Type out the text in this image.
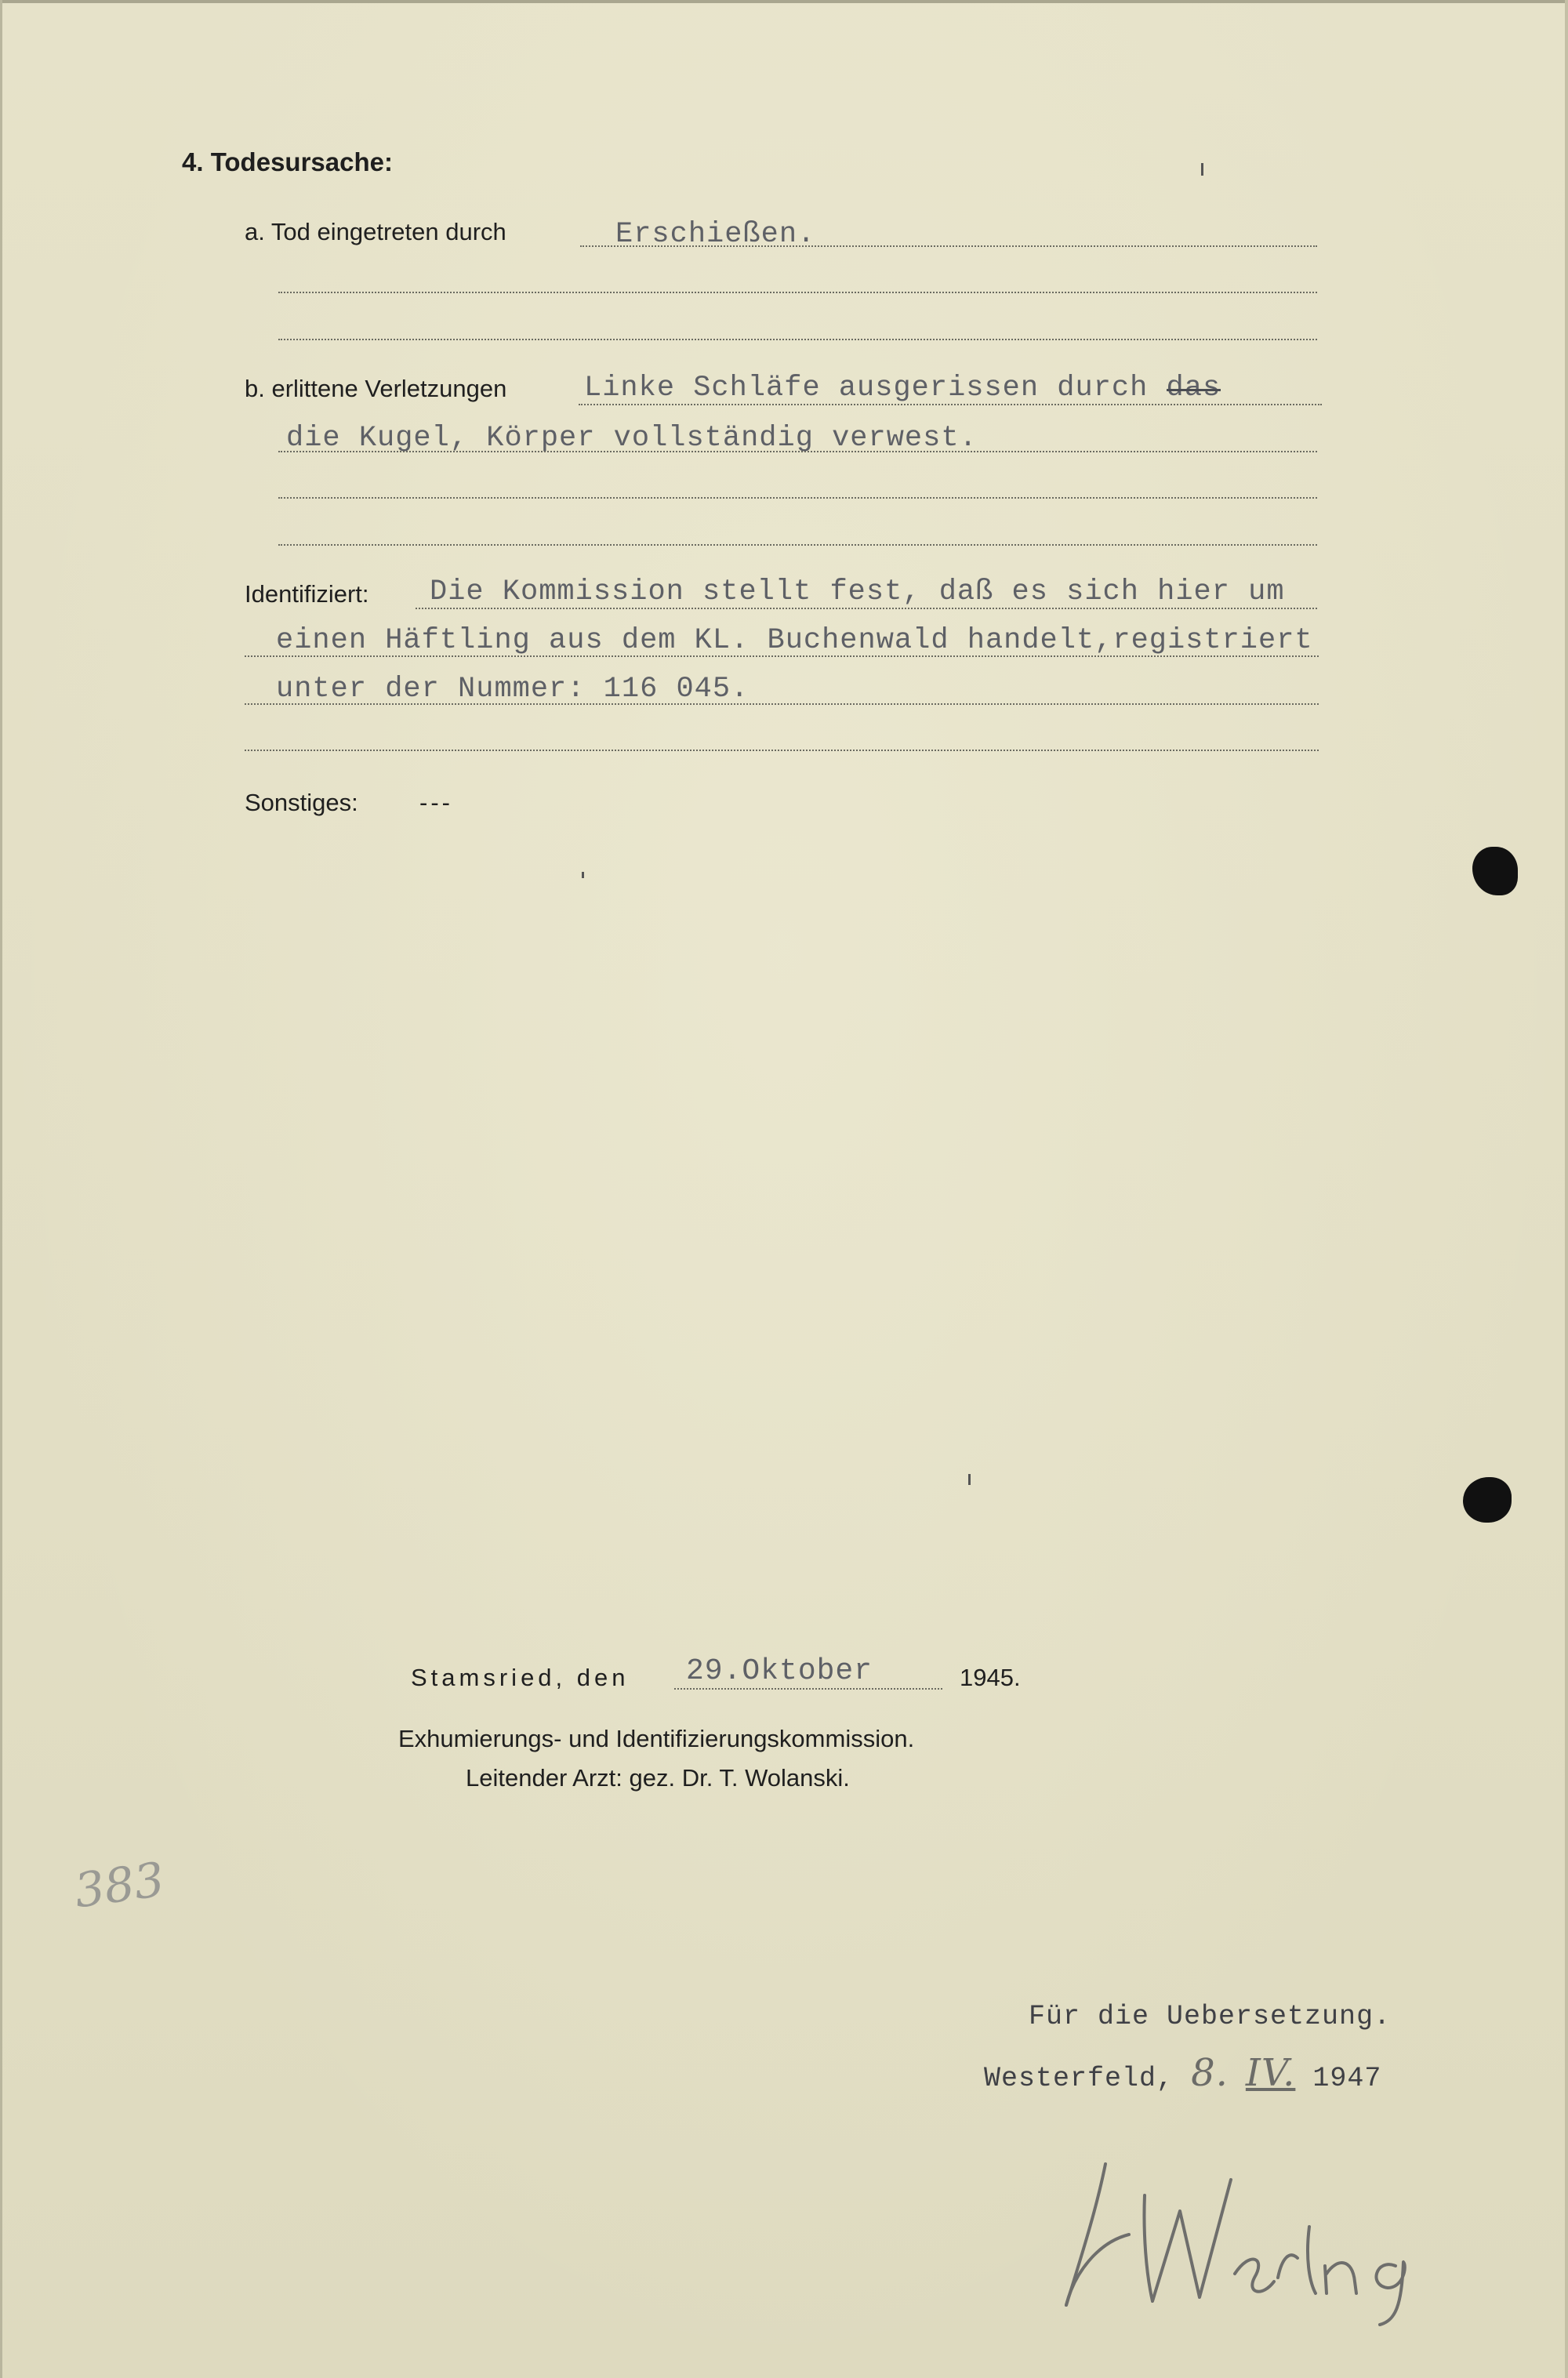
4. Todesursache:
a. Tod eingetreten durch	Erschießen.
b. erlittene Verletzungen	Linke Schläfe ausgerissen durch das
die Kugel, Körper vollständig verwest.
Identifiziert: Die Kommission stellt fest, daß es sich hier um
einen Häftling aus dem KL. Buchenwald handelt,registriert
unter der Nummer: 116 045.
Sonstiges:	---
Stamsried, den 29.Oktober	1945.
Exhumierungs- und Identifizierungskommission.
Leitender Arzt: gez. Dr. T. Wolanski.
383
Für die Uebersetzung.
Westerfeld, 8. IV. 1947
